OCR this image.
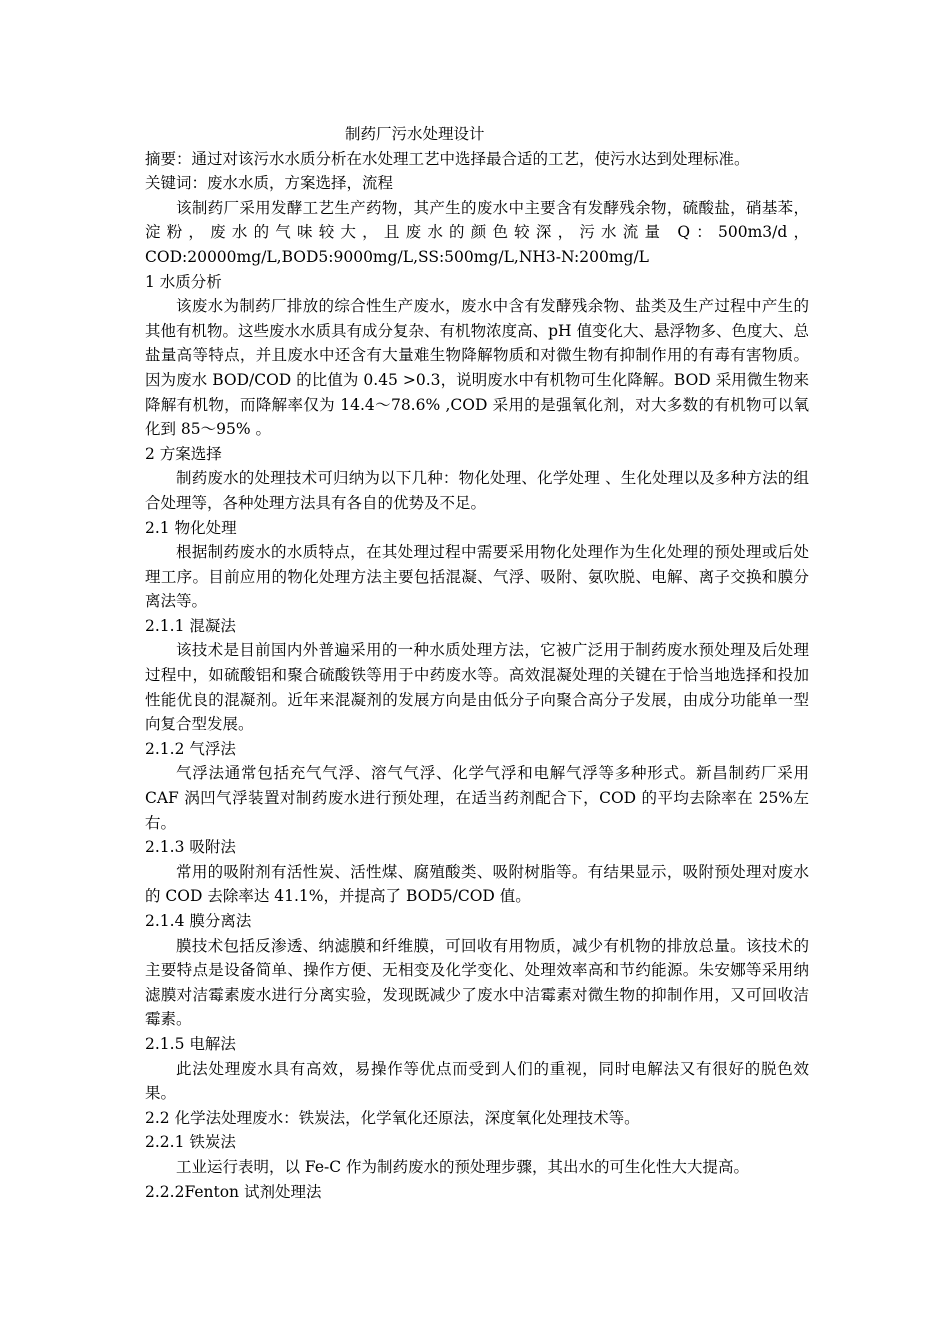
制药厂污水处理设计

摘要：通过对该污水水质分析在水处理工艺中选择最合适的工艺，使污水达到处理标准。

关键词：废水水质，方案选择，流程

该制药厂采用发酵工艺生产药物，其产生的废水中主要含有发酵残余物，硫酸盐，硝基苯，淀粉，废水的气味较大，且废水的颜色较深，污水流量 Q：500m3/d，COD:20000mg/L,BOD5:9000mg/L,SS:500mg/L,NH3-N:200mg/L

1 水质分析

该废水为制药厂排放的综合性生产废水，废水中含有发酵残余物、盐类及生产过程中产生的其他有机物。这些废水水质具有成分复杂、有机物浓度高、pH 值变化大、悬浮物多、色度大、总盐量高等特点，并且废水中还含有大量难生物降解物质和对微生物有抑制作用的有毒有害物质。因为废水 BOD/COD 的比值为 0.45 >0.3，说明废水中有机物可生化降解。BOD 采用微生物来降解有机物，而降解率仅为 14.4～78.6% ,COD 采用的是强氧化剂，对大多数的有机物可以氧化到 85～95% 。

2 方案选择

制药废水的处理技术可归纳为以下几种：物化处理、化学处理 、生化处理以及多种方法的组合处理等，各种处理方法具有各自的优势及不足。

2.1 物化处理

根据制药废水的水质特点，在其处理过程中需要采用物化处理作为生化处理的预处理或后处理工序。目前应用的物化处理方法主要包括混凝、气浮、吸附、氨吹脱、电解、离子交换和膜分离法等。

2.1.1 混凝法

该技术是目前国内外普遍采用的一种水质处理方法，它被广泛用于制药废水预处理及后处理过程中，如硫酸铝和聚合硫酸铁等用于中药废水等。高效混凝处理的关键在于恰当地选择和投加性能优良的混凝剂。近年来混凝剂的发展方向是由低分子向聚合高分子发展，由成分功能单一型向复合型发展。

2.1.2 气浮法

气浮法通常包括充气气浮、溶气气浮、化学气浮和电解气浮等多种形式。新昌制药厂采用 CAF 涡凹气浮装置对制药废水进行预处理，在适当药剂配合下，COD 的平均去除率在 25%左右。

2.1.3 吸附法

常用的吸附剂有活性炭、活性煤、腐殖酸类、吸附树脂等。有结果显示，吸附预处理对废水的 COD 去除率达 41.1%，并提高了 BOD5/COD 值。

2.1.4 膜分离法

膜技术包括反渗透、纳滤膜和纤维膜，可回收有用物质，减少有机物的排放总量。该技术的主要特点是设备简单、操作方便、无相变及化学变化、处理效率高和节约能源。朱安娜等采用纳滤膜对洁霉素废水进行分离实验，发现既减少了废水中洁霉素对微生物的抑制作用，又可回收洁霉素。

2.1.5 电解法

此法处理废水具有高效，易操作等优点而受到人们的重视，同时电解法又有很好的脱色效果。

2.2 化学法处理废水：铁炭法，化学氧化还原法，深度氧化处理技术等。

2.2.1 铁炭法

工业运行表明，以 Fe-C 作为制药废水的预处理步骤，其出水的可生化性大大提高。

2.2.2Fenton 试剂处理法
